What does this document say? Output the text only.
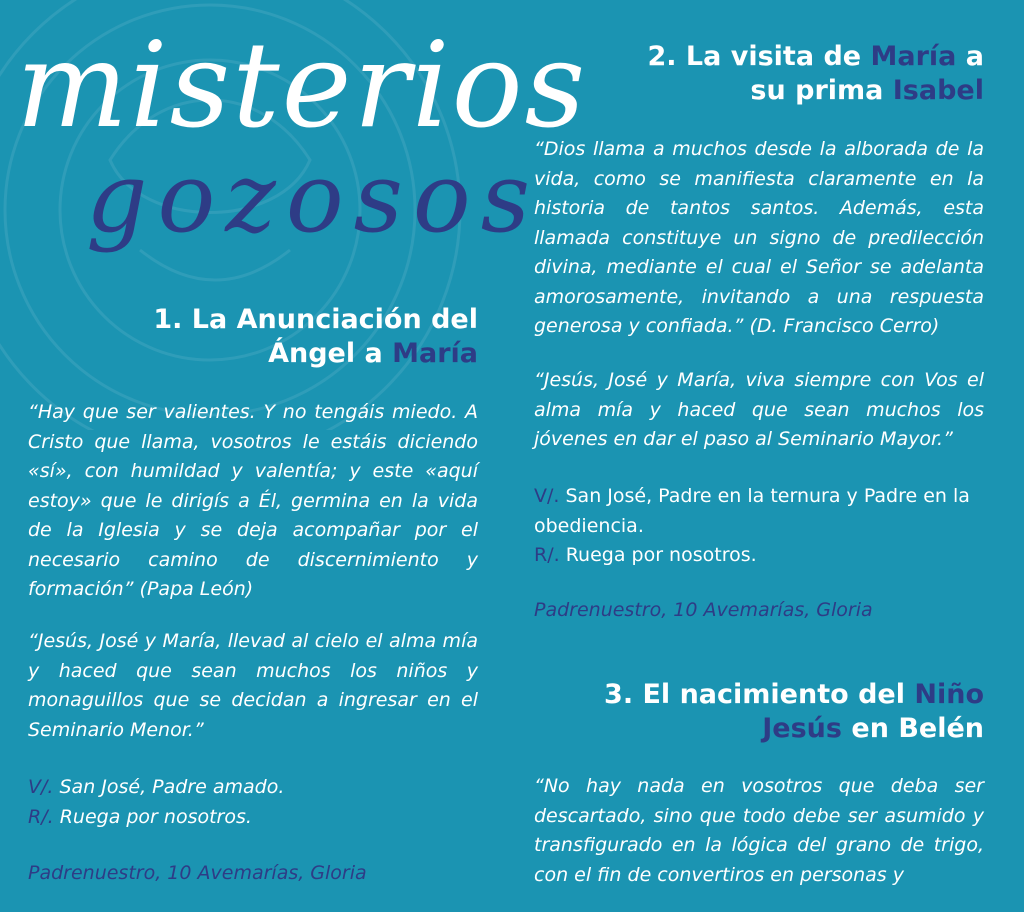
misterios
gozosos
1. La Anunciación del
Ángel a María

“Hay que ser valientes. Y no tengáis miedo. A Cristo que llama, vosotros le estáis diciendo «sí», con humildad y valentía; y este «aquí estoy» que le dirigís a Él, germina en la vida de la Iglesia y se deja acompañar por el necesario camino de discernimiento y formación” (Papa León)

“Jesús, José y María, llevad al cielo el alma mía y haced que sean muchos los niños y monaguillos que se decidan a ingresar en el Seminario Menor.”

V/. San José, Padre amado.
R/. Ruega por nosotros.

Padrenuestro, 10 Avemarías, Gloria

2. La visita de María a
su prima Isabel

“Dios llama a muchos desde la alborada de la vida, como se manifiesta claramente en la historia de tantos santos. Además, esta llamada constituye un signo de predilección divina, mediante el cual el Señor se adelanta amorosamente, invitando a una respuesta generosa y confiada.” (D. Francisco Cerro)

“Jesús, José y María, viva siempre con Vos el alma mía y haced que sean muchos los jóvenes en dar el paso al Seminario Mayor.”

V/. San José, Padre en la ternura y Padre en la obediencia.
R/. Ruega por nosotros.

Padrenuestro, 10 Avemarías, Gloria

3. El nacimiento del Niño
Jesús en Belén

“No hay nada en vosotros que deba ser descartado, sino que todo debe ser asumido y transfigurado en la lógica del grano de trigo, con el fin de convertiros en personas y
